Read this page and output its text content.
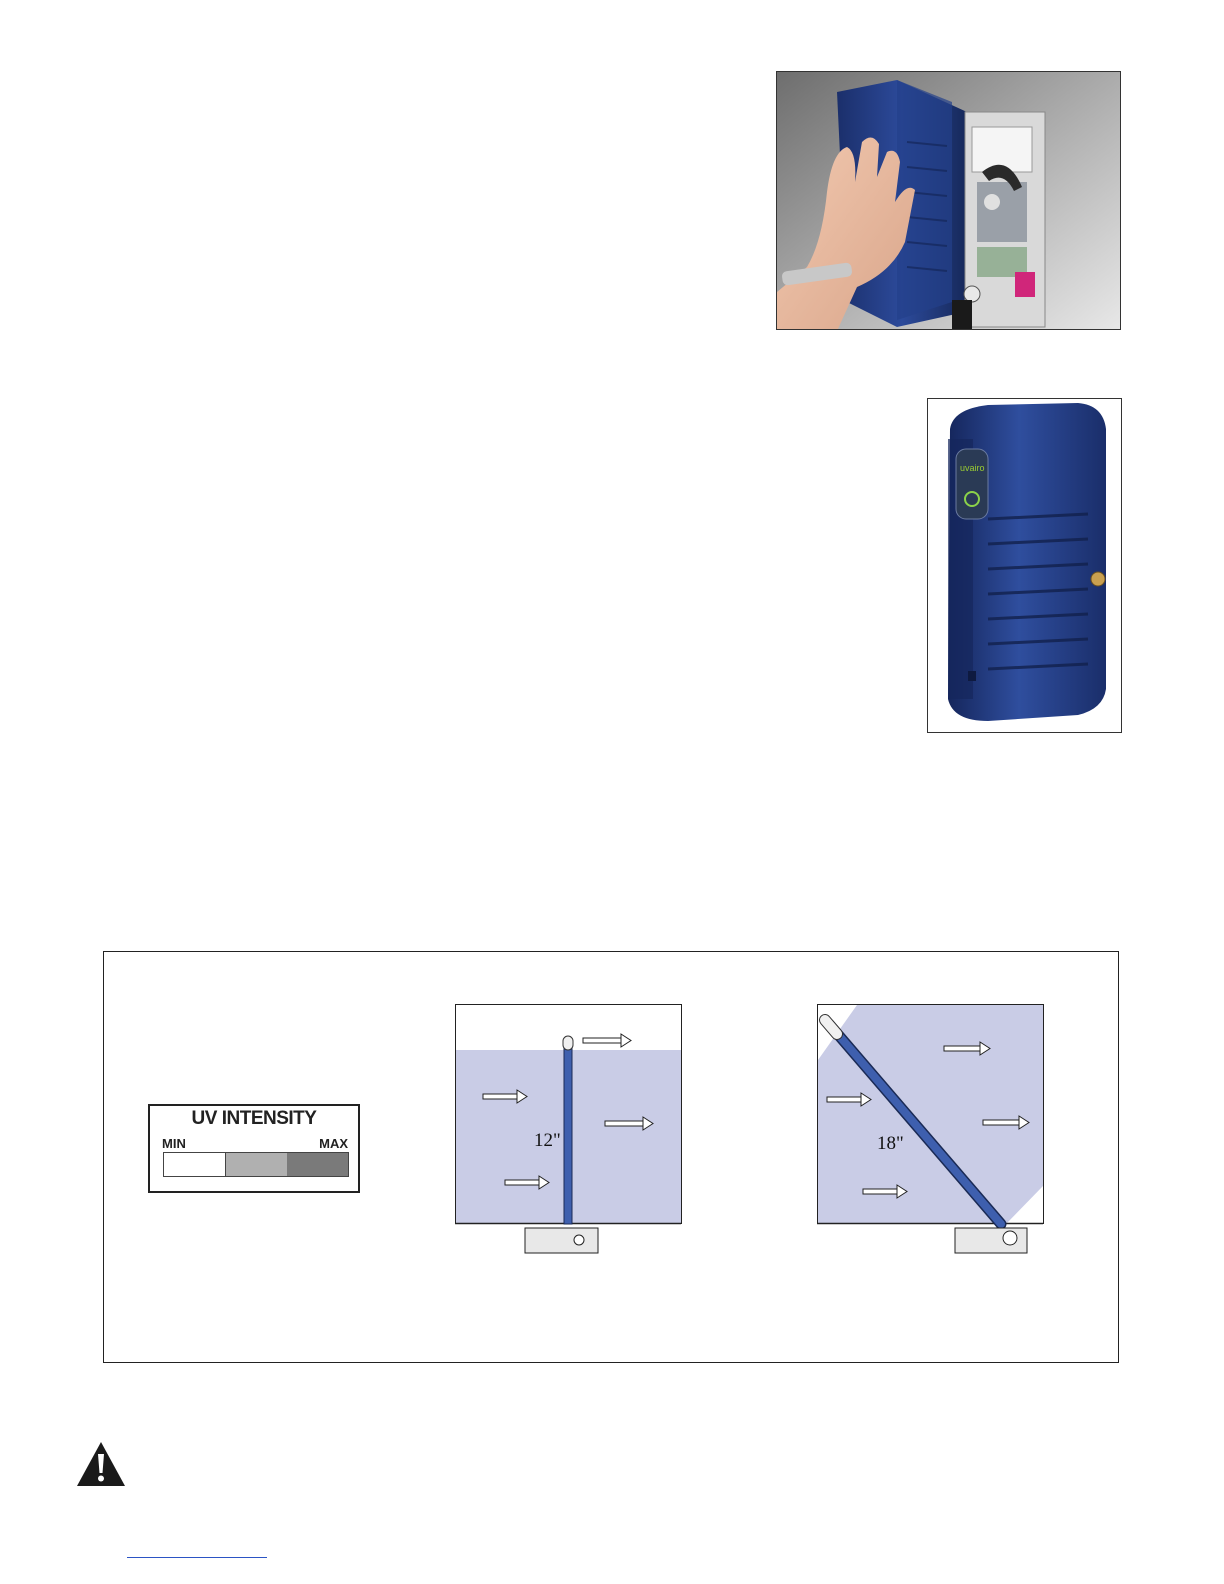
uvairo
UV INTENSITY
MIN	MAX	12"	18"
